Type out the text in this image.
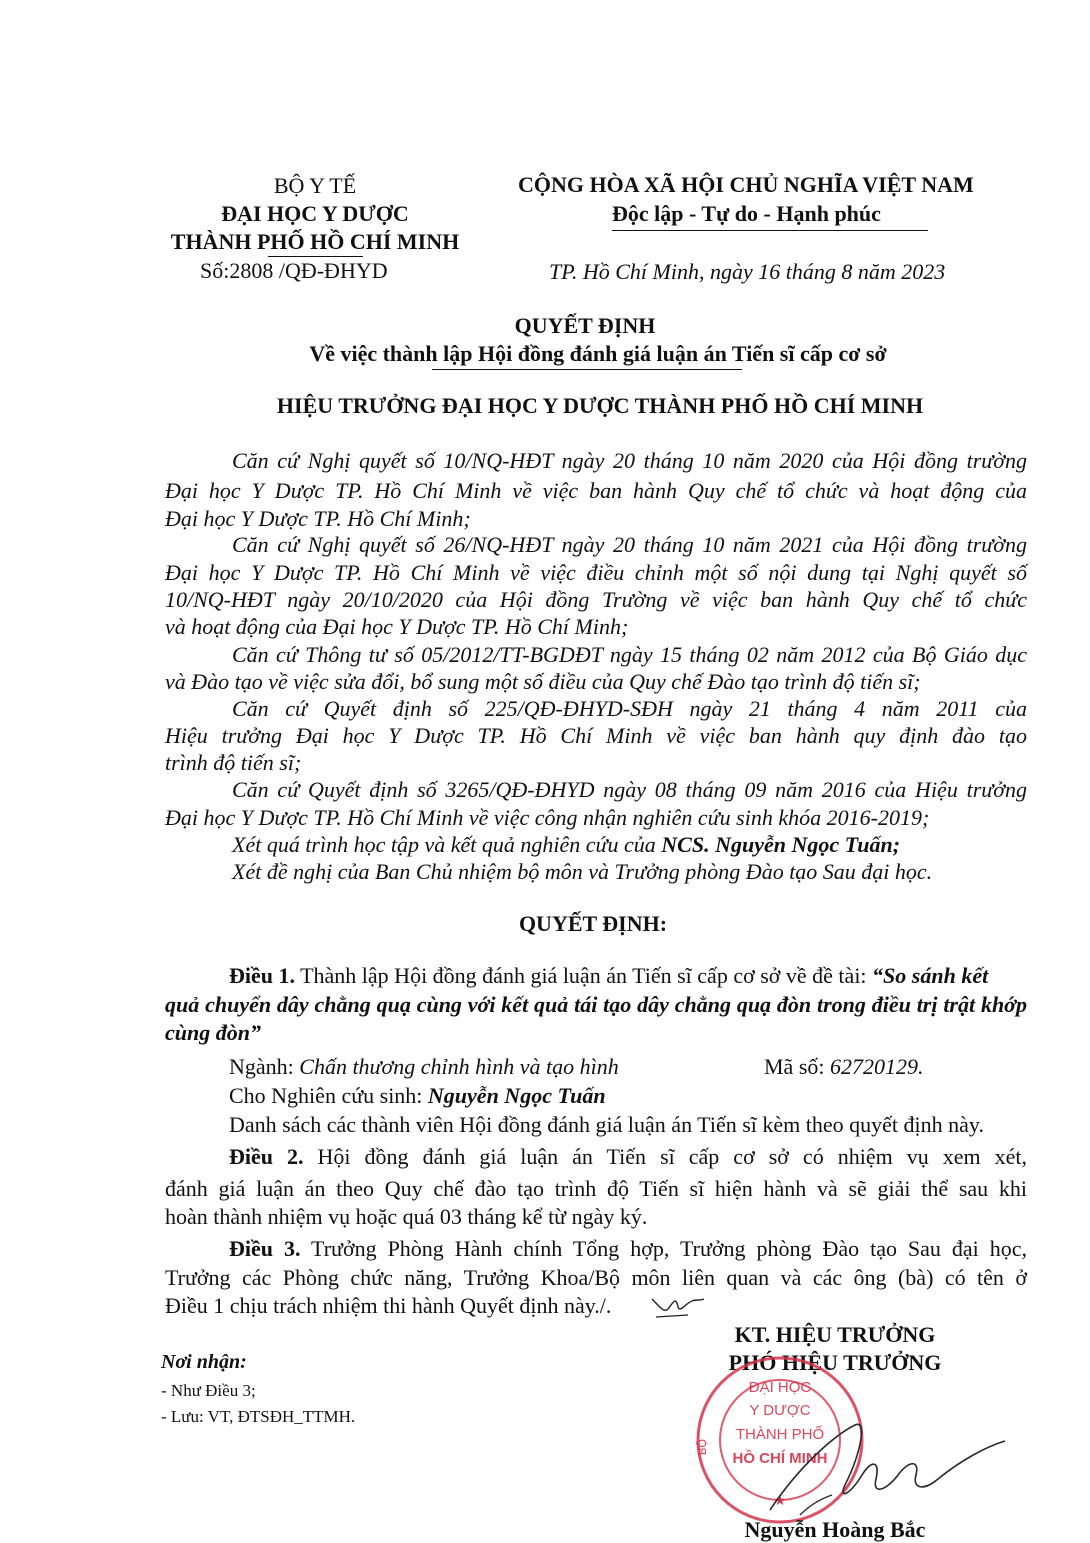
BỘ Y TẾ
ĐẠI HỌC Y DƯỢC
THÀNH PHỐ HỒ CHÍ MINH
Số:2808 /QĐ-ĐHYD
CỘNG HÒA XÃ HỘI CHỦ NGHĨA VIỆT NAM
Độc lập - Tự do - Hạnh phúc
TP. Hồ Chí Minh, ngày 16 tháng 8 năm 2023
QUYẾT ĐỊNH
Về việc thành lập Hội đồng đánh giá luận án Tiến sĩ cấp cơ sở
HIỆU TRƯỞNG ĐẠI HỌC Y DƯỢC THÀNH PHỐ HỒ CHÍ MINH
Căn cứ Nghị quyết số 10/NQ-HĐT ngày 20 tháng 10 năm 2020 của Hội đồng trường
Đại học Y Dược TP. Hồ Chí Minh về việc ban hành Quy chế tổ chức và hoạt động của
Đại học Y Dược TP. Hồ Chí Minh;
Căn cứ Nghị quyết số 26/NQ-HĐT ngày 20 tháng 10 năm 2021 của Hội đồng trường
Đại học Y Dược TP. Hồ Chí Minh về việc điều chỉnh một số nội dung tại Nghị quyết số
10/NQ-HĐT ngày 20/10/2020 của Hội đồng Trường về việc ban hành Quy chế tổ chức
và hoạt động của Đại học Y Dược TP. Hồ Chí Minh;
Căn cứ Thông tư số 05/2012/TT-BGDĐT ngày 15 tháng 02 năm 2012 của Bộ Giáo dục
và Đào tạo về việc sửa đổi, bổ sung một số điều của Quy chế Đào tạo trình độ tiến sĩ;
Căn cứ Quyết định số 225/QĐ-ĐHYD-SĐH ngày 21 tháng 4 năm 2011 của
Hiệu trưởng Đại học Y Dược TP. Hồ Chí Minh về việc ban hành quy định đào tạo
trình độ tiến sĩ;
Căn cứ Quyết định số 3265/QĐ-ĐHYD ngày 08 tháng 09 năm 2016 của Hiệu trưởng
Đại học Y Dược TP. Hồ Chí Minh về việc công nhận nghiên cứu sinh khóa 2016-2019;
Xét quá trình học tập và kết quả nghiên cứu của NCS. Nguyễn Ngọc Tuấn;
Xét đề nghị của Ban Chủ nhiệm bộ môn và Trưởng phòng Đào tạo Sau đại học.
QUYẾT ĐỊNH:
Điều 1. Thành lập Hội đồng đánh giá luận án Tiến sĩ cấp cơ sở về đề tài: “So sánh kết
quả chuyển dây chằng quạ cùng với kết quả tái tạo dây chằng quạ đòn trong điều trị trật khớp
cùng đòn”
Ngành: Chấn thương chỉnh hình và tạo hình	Mã số: 62720129.
Cho Nghiên cứu sinh: Nguyễn Ngọc Tuấn
Danh sách các thành viên Hội đồng đánh giá luận án Tiến sĩ kèm theo quyết định này.
Điều 2. Hội đồng đánh giá luận án Tiến sĩ cấp cơ sở có nhiệm vụ xem xét,
đánh giá luận án theo Quy chế đào tạo trình độ Tiến sĩ hiện hành và sẽ giải thể sau khi
hoàn thành nhiệm vụ hoặc quá 03 tháng kể từ ngày ký.
Điều 3. Trưởng Phòng Hành chính Tổng hợp, Trưởng phòng Đào tạo Sau đại học,
Trưởng các Phòng chức năng, Trưởng Khoa/Bộ môn liên quan và các ông (bà) có tên ở
Điều 1 chịu trách nhiệm thi hành Quyết định này./.
Nơi nhận:
- Như Điều 3;
- Lưu: VT, ĐTSĐH_TTMH.
KT. HIỆU TRƯỞNG
PHÓ HIỆU TRƯỞNG
ĐẠI HỌC
Y DƯỢC
THÀNH PHỐ
HỒ CHÍ MINH
BỘ
★
Nguyễn Hoàng Bắc
